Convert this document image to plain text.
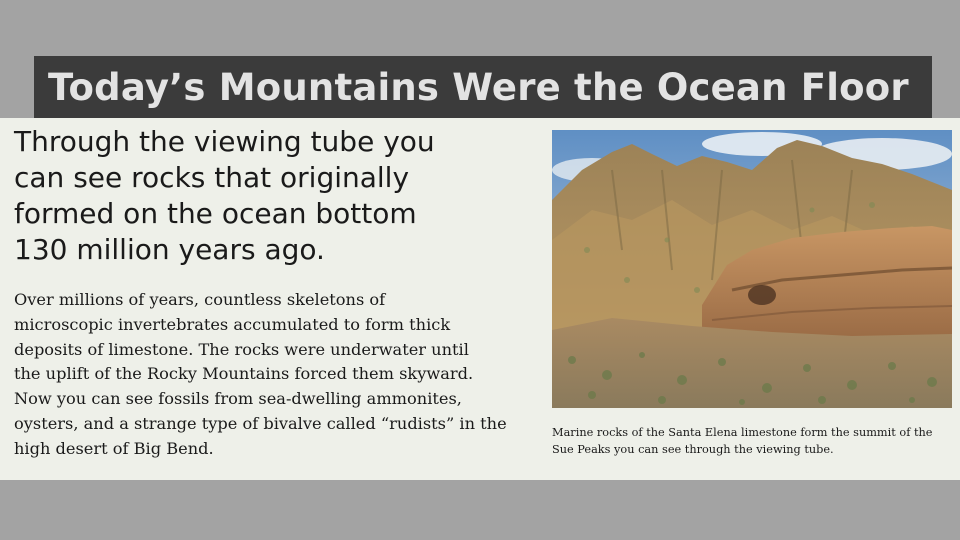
Today’s Mountains Were the Ocean Floor
Through the viewing tube you
can see rocks that originally
formed on the ocean bottom
130 million years ago.

Over millions of years, countless skeletons of
microscopic invertebrates accumulated to form thick
deposits of limestone. The rocks were underwater until
the uplift of the Rocky Mountains forced them skyward.
Now you can see fossils from sea-dwelling ammonites,
oysters, and a strange type of bivalve called “rudists” in the
high desert of Big Bend.

Marine rocks of the Santa Elena limestone form the summit of the
Sue Peaks you can see through the viewing tube.
